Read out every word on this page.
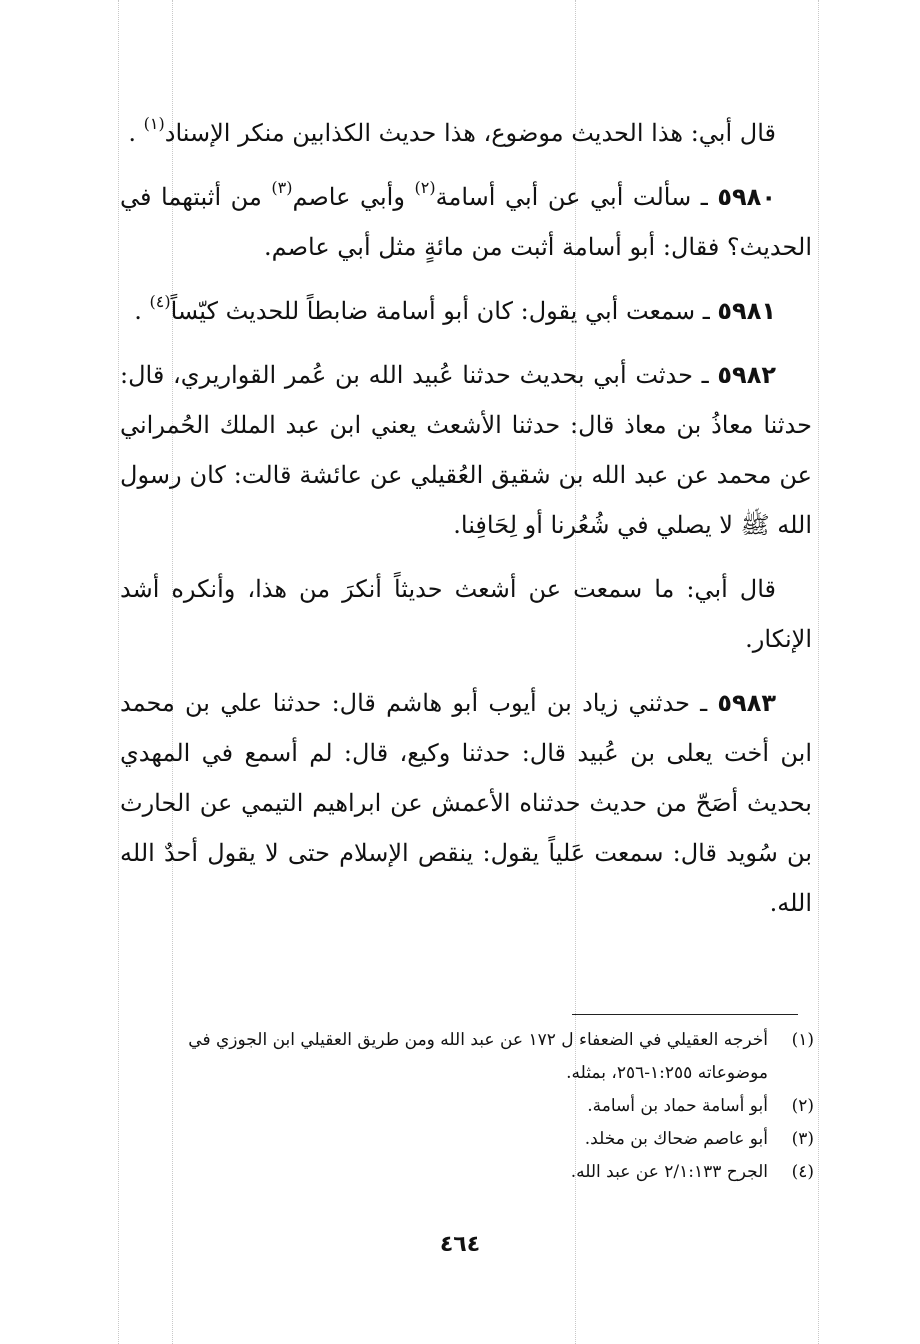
قال أبي: هذا الحديث موضوع، هذا حديث الكذابين منكر الإسناد$^{(١)}$ .

٥٩٨٠ ـ سألت أبي عن أبي أسامة$^{(٢)}$ وأبي عاصم$^{(٣)}$ من أثبتهما في الحديث؟ فقال: أبو أسامة أثبت من مائةٍ مثل أبي عاصم.

٥٩٨١ ـ سمعت أبي يقول: كان أبو أسامة ضابطاً للحديث كيّساً$^{(٤)}$ .

٥٩٨٢ ـ حدثت أبي بحديث حدثنا عُبيد الله بن عُمر القواريري، قال: حدثنا معاذُ بن معاذ قال: حدثنا الأشعث يعني ابن عبد الملك الحُمراني عن محمد عن عبد الله بن شقيق العُقيلي عن عائشة قالت: كان رسول الله ﷺ لا يصلي في شُعُرنا أو لِحَافِنا.

قال أبي: ما سمعت عن أشعث حديثاً أنكرَ من هذا، وأنكره أشد الإنكار.

٥٩٨٣ ـ حدثني زياد بن أيوب أبو هاشم قال: حدثنا علي بن محمد ابن أخت يعلى بن عُبيد قال: حدثنا وكيع، قال: لم أسمع في المهدي بحديث أصَحّ من حديث حدثناه الأعمش عن ابراهيم التيمي عن الحارث بن سُويد قال: سمعت عَلياً يقول: ينقص الإسلام حتى لا يقول أحدٌ الله الله.

(١)
أخرجه العقيلي في الضعفاء ل ١٧٢ عن عبد الله ومن طريق العقيلي ابن الجوزي في موضوعاته ١:٢٥٥-٢٥٦، بمثله.
(٢)
أبو أسامة حماد بن أسامة.
(٣)
أبو عاصم ضحاك بن مخلد.
(٤)
الجرح ٢/١:١٣٣ عن عبد الله.
٤٦٤
